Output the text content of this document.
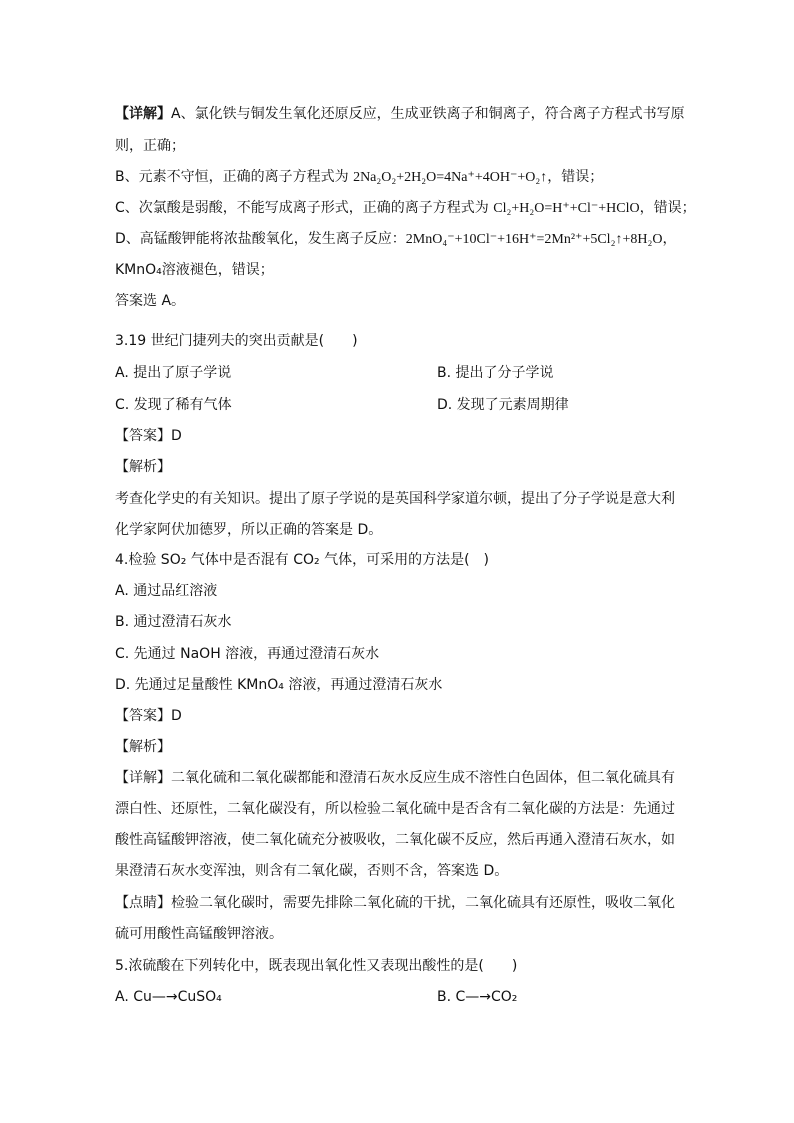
【详解】A、氯化铁与铜发生氧化还原反应，生成亚铁离子和铜离子，符合离子方程式书写原
则，正确；
B、元素不守恒，正确的离子方程式为 2Na₂O₂+2H₂O=4Na⁺+4OH⁻+O₂↑，错误；
C、次氯酸是弱酸，不能写成离子形式，正确的离子方程式为 Cl₂+H₂O=H⁺+Cl⁻+HClO，错误；
D、高锰酸钾能将浓盐酸氧化，发生离子反应：2MnO₄⁻+10Cl⁻+16H⁺=2Mn²⁺+5Cl₂↑+8H₂O，
KMnO₄溶液褪色，错误；
答案选 A。
3.19 世纪门捷列夫的突出贡献是(　　)
A. 提出了原子学说	B. 提出了分子学说
C. 发现了稀有气体	D. 发现了元素周期律
【答案】D
【解析】
考查化学史的有关知识。提出了原子学说的是英国科学家道尔顿，提出了分子学说是意大利
化学家阿伏加德罗，所以正确的答案是 D。
4.检验 SO₂ 气体中是否混有 CO₂ 气体，可采用的方法是(　)
A. 通过品红溶液
B. 通过澄清石灰水
C. 先通过 NaOH 溶液，再通过澄清石灰水
D. 先通过足量酸性 KMnO₄ 溶液，再通过澄清石灰水
【答案】D
【解析】
【详解】二氧化硫和二氧化碳都能和澄清石灰水反应生成不溶性白色固体，但二氧化硫具有
漂白性、还原性，二氧化碳没有，所以检验二氧化硫中是否含有二氧化碳的方法是：先通过
酸性高锰酸钾溶液，使二氧化硫充分被吸收，二氧化碳不反应，然后再通入澄清石灰水，如
果澄清石灰水变浑浊，则含有二氧化碳，否则不含，答案选 D。
【点睛】检验二氧化碳时，需要先排除二氧化硫的干扰，二氧化硫具有还原性，吸收二氧化
硫可用酸性高锰酸钾溶液。
5.浓硫酸在下列转化中，既表现出氧化性又表现出酸性的是(　　)
A. Cu—→CuSO₄	B. C—→CO₂
